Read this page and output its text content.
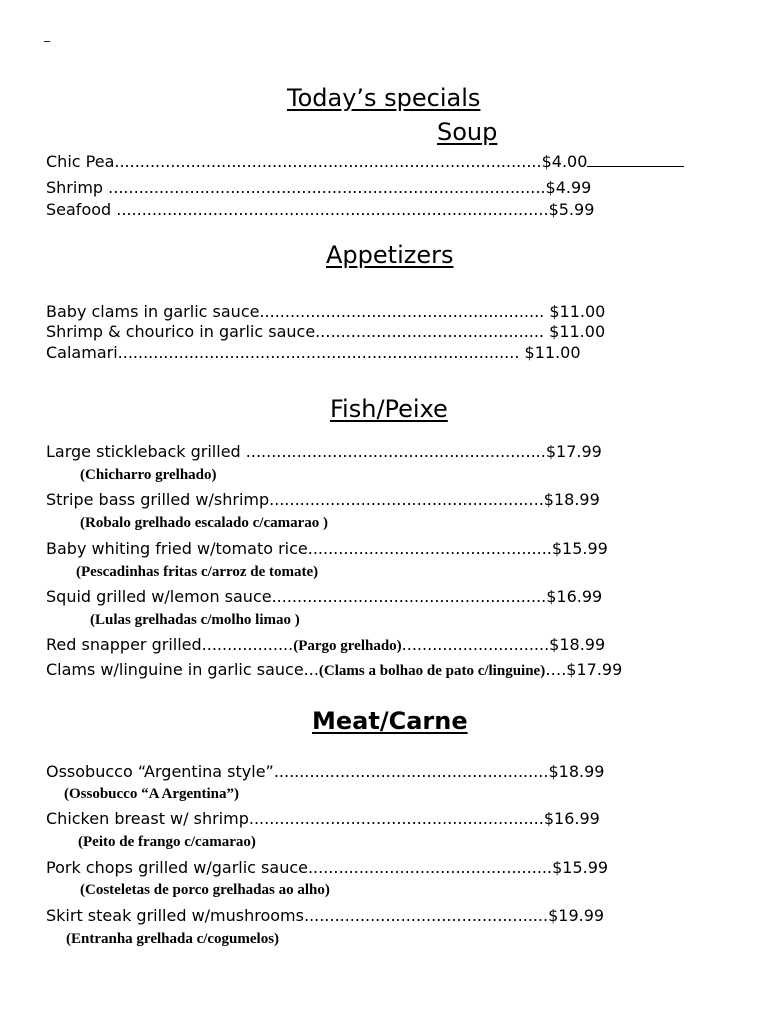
_
Today’s specials
Soup
Chic Pea....................................................................................$4.00
Shrimp ......................................................................................$4.99
Seafood .....................................................................................$5.99
Appetizers
Baby clams in garlic sauce........................................................ $11.00
Shrimp & chourico in garlic sauce............................................. $11.00
Calamari............................................................................... $11.00
Fish/Peixe
Large stickleback grilled ...........................................................$17.99
(Chicharro grelhado)
Stripe bass grilled w/shrimp......................................................$18.99
(Robalo grelhado escalado c/camarao )
Baby whiting fried w/tomato rice................................................$15.99
(Pescadinhas fritas c/arroz de tomate)
Squid grilled w/lemon sauce......................................................$16.99
(Lulas grelhadas c/molho limao )
Red snapper grilled..................(Pargo grelhado).............................$18.99
Clams w/linguine in garlic sauce...(Clams a bolhao de pato c/linguine)….$17.99
Meat/Carne
Ossobucco “Argentina style”......................................................$18.99
(Ossobucco “A Argentina”)
Chicken breast w/ shrimp..........................................................$16.99
(Peito de frango c/camarao)
Pork chops grilled w/garlic sauce................................................$15.99
(Costeletas de porco grelhadas ao alho)
Skirt steak grilled w/mushrooms................................................$19.99
(Entranha grelhada c/cogumelos)
